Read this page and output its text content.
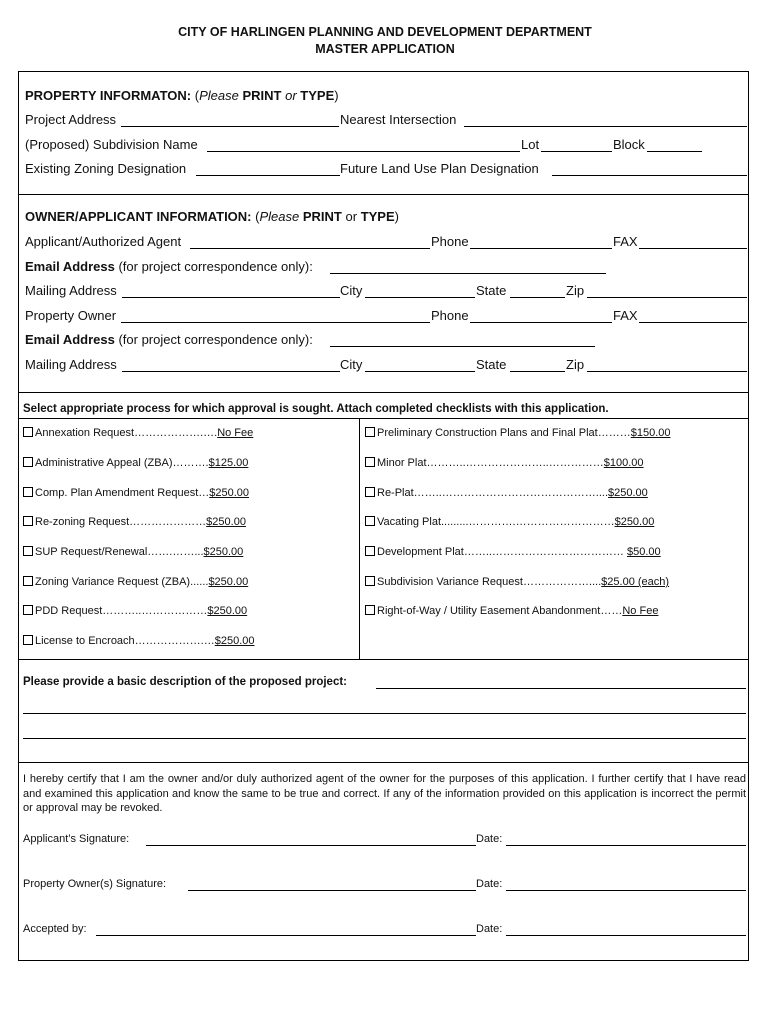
CITY OF HARLINGEN PLANNING AND DEVELOPMENT DEPARTMENT
MASTER APPLICATION
PROPERTY INFORMATON: (Please PRINT or TYPE)
Project Address	Nearest Intersection
(Proposed) Subdivision Name	Lot	Block
Existing Zoning Designation	Future Land Use Plan Designation
OWNER/APPLICANT INFORMATION: (Please PRINT or TYPE)
Applicant/Authorized Agent	Phone	FAX
Email Address (for project correspondence only):
Mailing Address	City	State	Zip
Property Owner	Phone	FAX
Email Address (for project correspondence only):
Mailing Address	City	State	Zip
Select appropriate process for which approval is sought. Attach completed checklists with this application.
Annexation Request……………….….No Fee
Administrative Appeal (ZBA)……….$125.00
Comp. Plan Amendment Request…$250.00
Re-zoning Request…………………$250.00
SUP Request/Renewal…….……...$250.00
Zoning Variance Request (ZBA)......$250.00
PDD Request………..………………$250.00
License to Encroach……………….…$250.00
Preliminary Construction Plans and Final Plat………$150.00
Minor Plat………..…………………..……………$100.00
Re-Plat……..……………………………………....$250.00
Vacating Plat.........………….………………………$250.00
Development Plat……..……………………………… $50.00
Subdivision Variance Request………………....$25.00 (each)
Right-of-Way / Utility Easement Abandonment……No Fee
Please provide a basic description of the proposed project:
I hereby certify that I am the owner and/or duly authorized agent of the owner for the purposes of this application. I further certify that I have read and examined this application and know the same to be true and correct. If any of the information provided on this application is incorrect the permit or approval may be revoked.
Applicant’s Signature:	Date:
Property Owner(s) Signature:	Date:
Accepted by:	Date:
